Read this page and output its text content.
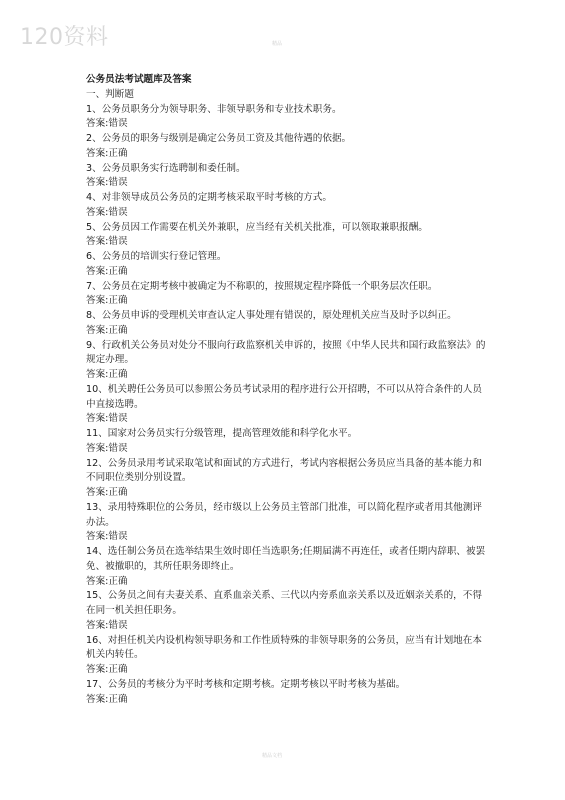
120资料	精品

公务员法考试题库及答案

一、判断题

1、公务员职务分为领导职务、非领导职务和专业技术职务。

答案:错误

2、公务员的职务与级别是确定公务员工资及其他待遇的依据。

答案:正确

3、公务员职务实行选聘制和委任制。

答案:错误

4、对非领导成员公务员的定期考核采取平时考核的方式。

答案:错误

5、公务员因工作需要在机关外兼职，应当经有关机关批准，可以领取兼职报酬。

答案:错误

6、公务员的培训实行登记管理。

答案:正确

7、公务员在定期考核中被确定为不称职的，按照规定程序降低一个职务层次任职。

答案:正确

8、公务员申诉的受理机关审查认定人事处理有错误的，原处理机关应当及时予以纠正。

答案:正确

9、行政机关公务员对处分不服向行政监察机关申诉的，按照《中华人民共和国行政监察法》的规定办理。

答案:正确

10、机关聘任公务员可以参照公务员考试录用的程序进行公开招聘，不可以从符合条件的人员中直接选聘。

答案:错误

11、国家对公务员实行分级管理，提高管理效能和科学化水平。

答案:错误

12、公务员录用考试采取笔试和面试的方式进行，考试内容根据公务员应当具备的基本能力和不同职位类别分别设置。

答案:正确

13、录用特殊职位的公务员，经市级以上公务员主管部门批准，可以简化程序或者用其他测评办法。

答案:错误

14、选任制公务员在选举结果生效时即任当选职务;任期届满不再连任，或者任期内辞职、被罢免、被撤职的，其所任职务即终止。

答案:正确

15、公务员之间有夫妻关系、直系血亲关系、三代以内旁系血亲关系以及近姻亲关系的，不得在同一机关担任职务。

答案:错误

16、对担任机关内设机构领导职务和工作性质特殊的非领导职务的公务员，应当有计划地在本机关内转任。

答案:正确

17、公务员的考核分为平时考核和定期考核。定期考核以平时考核为基础。

答案:正确

精品文档
